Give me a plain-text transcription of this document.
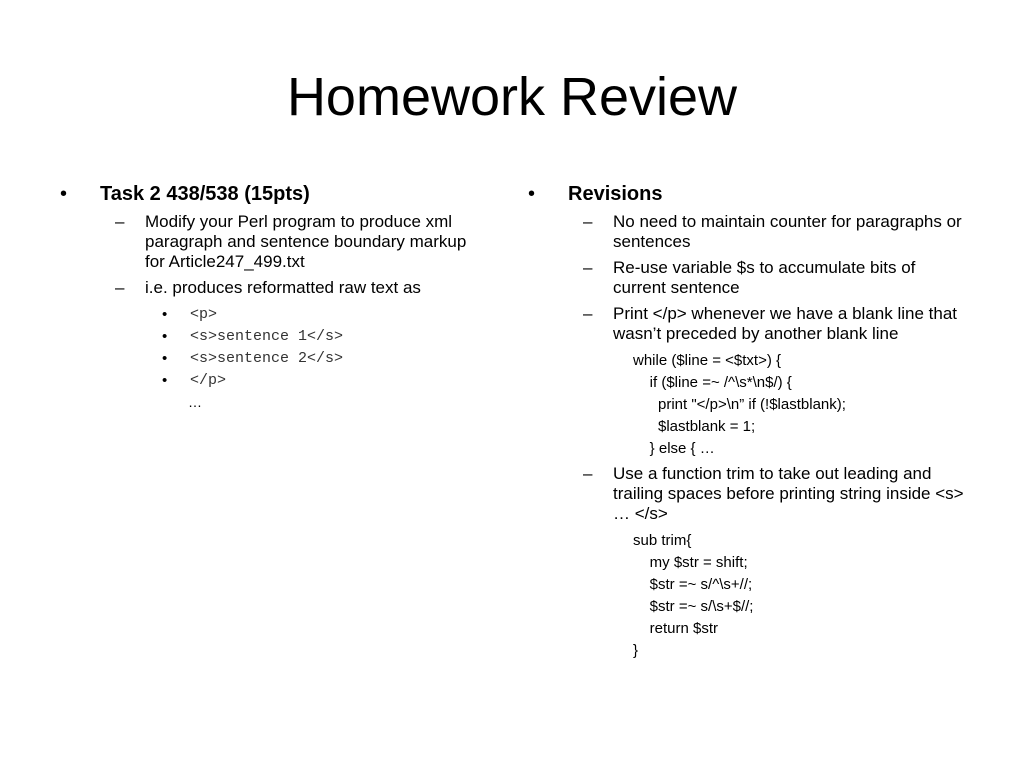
Homework Review
•	Task 2 438/538 (15pts)
– Modify your Perl program to produce xml paragraph and sentence boundary markup for Article247_499.txt
– i.e. produces reformatted raw text as
• <p>
• <s>sentence 1</s>
• <s>sentence 2</s>
• </p>
…
•	Revisions
– No need to maintain counter for paragraphs or sentences
– Re-use variable $s to accumulate bits of current sentence
– Print </p> whenever we have a blank line that wasn’t preceded by another blank line
while ($line = <$txt>) {
if ($line =~ /^\s*\n$/) {
print "</p>\n” if (!$lastblank);
$lastblank = 1;
} else { …
– Use a function trim to take out leading and trailing spaces before printing string inside <s> … </s>
sub trim{
my $str = shift;
$str =~ s/^\s+//;
$str =~ s/\s+$//;
return $str
}
